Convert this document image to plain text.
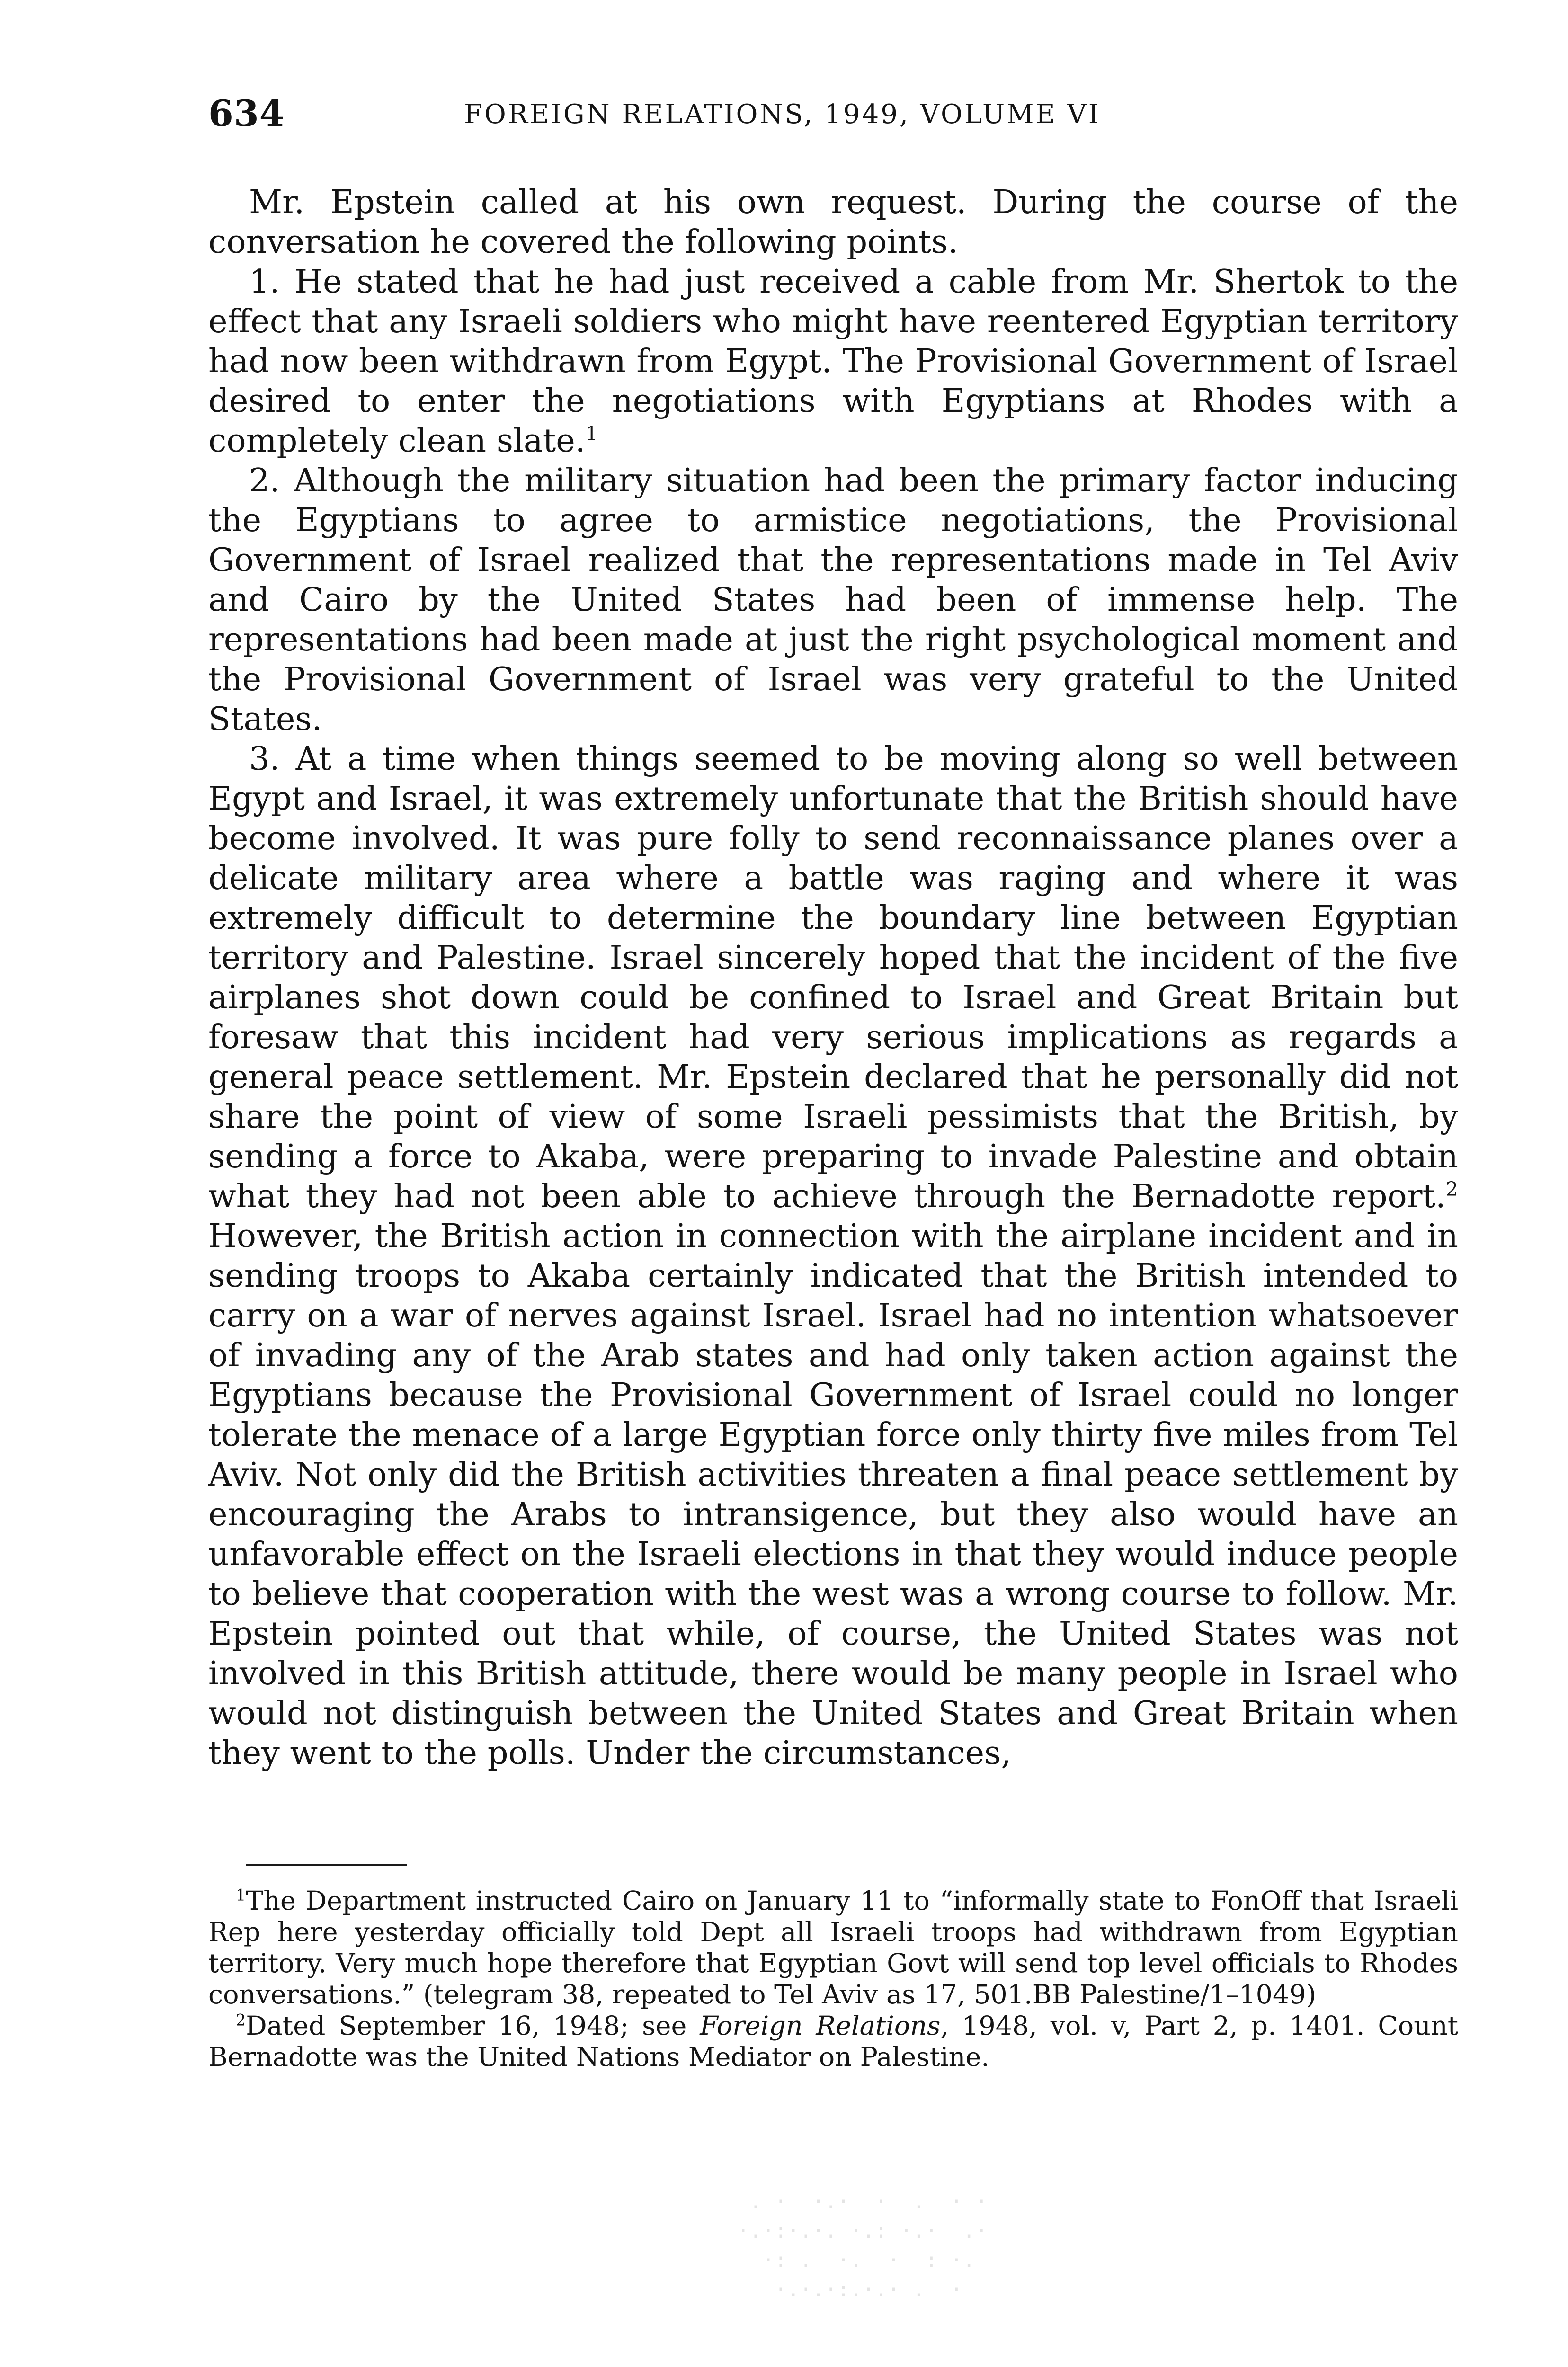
634	FOREIGN RELATIONS, 1949, VOLUME VI

Mr. Epstein called at his own request. During the course of the conversation he covered the following points.

1. He stated that he had just received a cable from Mr. Shertok to the effect that any Israeli soldiers who might have reentered Egyptian territory had now been withdrawn from Egypt. The Provisional Government of Israel desired to enter the negotiations with Egyptians at Rhodes with a completely clean slate.$^1$

2. Although the military situation had been the primary factor inducing the Egyptians to agree to armistice negotiations, the Provisional Government of Israel realized that the representations made in Tel Aviv and Cairo by the United States had been of immense help. The representations had been made at just the right psychological moment and the Provisional Government of Israel was very grateful to the United States.

3. At a time when things seemed to be moving along so well between Egypt and Israel, it was extremely unfortunate that the British should have become involved. It was pure folly to send reconnaissance planes over a delicate military area where a battle was raging and where it was extremely difficult to determine the boundary line between Egyptian territory and Palestine. Israel sincerely hoped that the incident of the five airplanes shot down could be confined to Israel and Great Britain but foresaw that this incident had very serious implications as regards a general peace settlement. Mr. Epstein declared that he personally did not share the point of view of some Israeli pessimists that the British, by sending a force to Akaba, were preparing to invade Palestine and obtain what they had not been able to achieve through the Bernadotte report.$^2$ However, the British action in connection with the airplane incident and in sending troops to Akaba certainly indicated that the British intended to carry on a war of nerves against Israel. Israel had no intention whatsoever of invading any of the Arab states and had only taken action against the Egyptians because the Provisional Government of Israel could no longer tolerate the menace of a large Egyptian force only thirty five miles from Tel Aviv. Not only did the British activities threaten a final peace settlement by encouraging the Arabs to intransigence, but they also would have an unfavorable effect on the Israeli elections in that they would induce people to believe that cooperation with the west was a wrong course to follow. Mr. Epstein pointed out that while, of course, the United States was not involved in this British attitude, there would be many people in Israel who would not distinguish between the United States and Great Britain when they went to the polls. Under the circumstances,

$^1$The Department instructed Cairo on January 11 to “informally state to FonOff that Israeli Rep here yesterday officially told Dept all Israeli troops had withdrawn from Egyptian territory. Very much hope therefore that Egyptian Govt will send top level officials to Rhodes conversations.” (telegram 38, repeated to Tel Aviv as 17, 501.BB Palestine/1–1049)

$^2$Dated September 16, 1948; see Foreign Relations, 1948, vol. v, Part 2, p. 1401. Count Bernadotte was the United Nations Mediator on Palestine.

. ·  ·.·  ·  .  · ·
·.·:·.·. ·.: ·.·  .·
·: .  ·.  ·  : ·.
·.·.·:.·.· .  ·
